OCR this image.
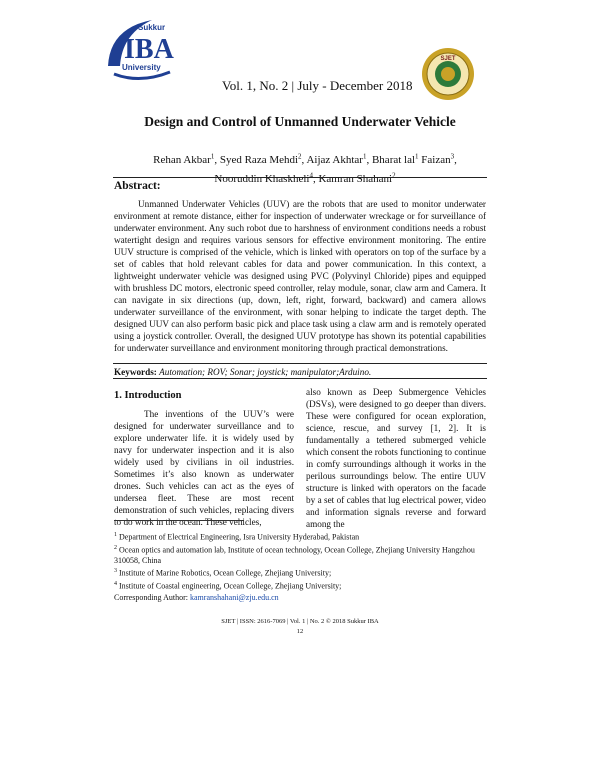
Sukkur
IBA
University
Vol. 1, No. 2 | July - December 2018
SJET
Design and Control of Unmanned Underwater Vehicle
Rehan Akbar$^1$, Syed Raza Mehdi$^2$, Aijaz Akhtar$^1$, Bharat lal$^1$ Faizan$^3$, Nooruddin Khaskheli$^4$, Kamran Shahani$^2$
Abstract:
Unmanned Underwater Vehicles (UUV) are the robots that are used to monitor underwater environment at remote distance, either for inspection of underwater wreckage or for surveillance of underwater environment. Any such robot due to harshness of environment conditions needs a robust watertight design and requires various sensors for effective environment monitoring. The entire UUV structure is comprised of the vehicle, which is linked with operators on top of the surface by a set of cables that hold relevant cables for data and power communication. In this context, a lightweight underwater vehicle was designed using PVC (Polyvinyl Chloride) pipes and equipped with brushless DC motors, electronic speed controller, relay module, sonar, claw arm and Camera. It can navigate in six directions (up, down, left, right, forward, backward) and camera allows underwater surveillance of the environment, with sonar helping to indicate the target depth. The designed UUV can also perform basic pick and place task using a claw arm and is remotely operated using a joystick controller. Overall, the designed UUV prototype has shown its potential capabilities for underwater surveillance and environment monitoring through practical demonstrations.
Keywords: Automation; ROV; Sonar; joystick; manipulator;Arduino.
1. Introduction

The inventions of the UUV’s were designed for underwater surveillance and to explore underwater life. it is widely used by navy for underwater inspection and it is also widely used by civilians in oil industries. Sometimes it’s also known as underwater drones. Such vehicles can act as the eyes of undersea fleet. These are most recent demonstration of such vehicles, replacing divers to do work in the ocean. These vehicles,

also known as Deep Submergence Vehicles (DSVs), were designed to go deeper than divers. These were configured for ocean exploration, science, rescue, and survey [1, 2]. It is fundamentally a tethered submerged vehicle which consent the robots functioning to continue in comfy surroundings although it works in the perilous surroundings below. The entire UUV structure is linked with operators on the facade by a set of cables that lug electrical power, video and information signals reverse and forward among the

$^1$ Department of Electrical Engineering, Isra University Hyderabad, Pakistan
$^2$ Ocean optics and automation lab, Institute of ocean technology, Ocean College, Zhejiang University Hangzhou 310058, China
$^3$ Institute of Marine Robotics, Ocean College, Zhejiang University;
$^4$ Institute of Coastal engineering, Ocean College, Zhejiang University;
Corresponding Author: kamranshahani@zju.edu.cn
SJET | ISSN: 2616-7069 | Vol. 1 | No. 2 © 2018 Sukkur IBA
12
